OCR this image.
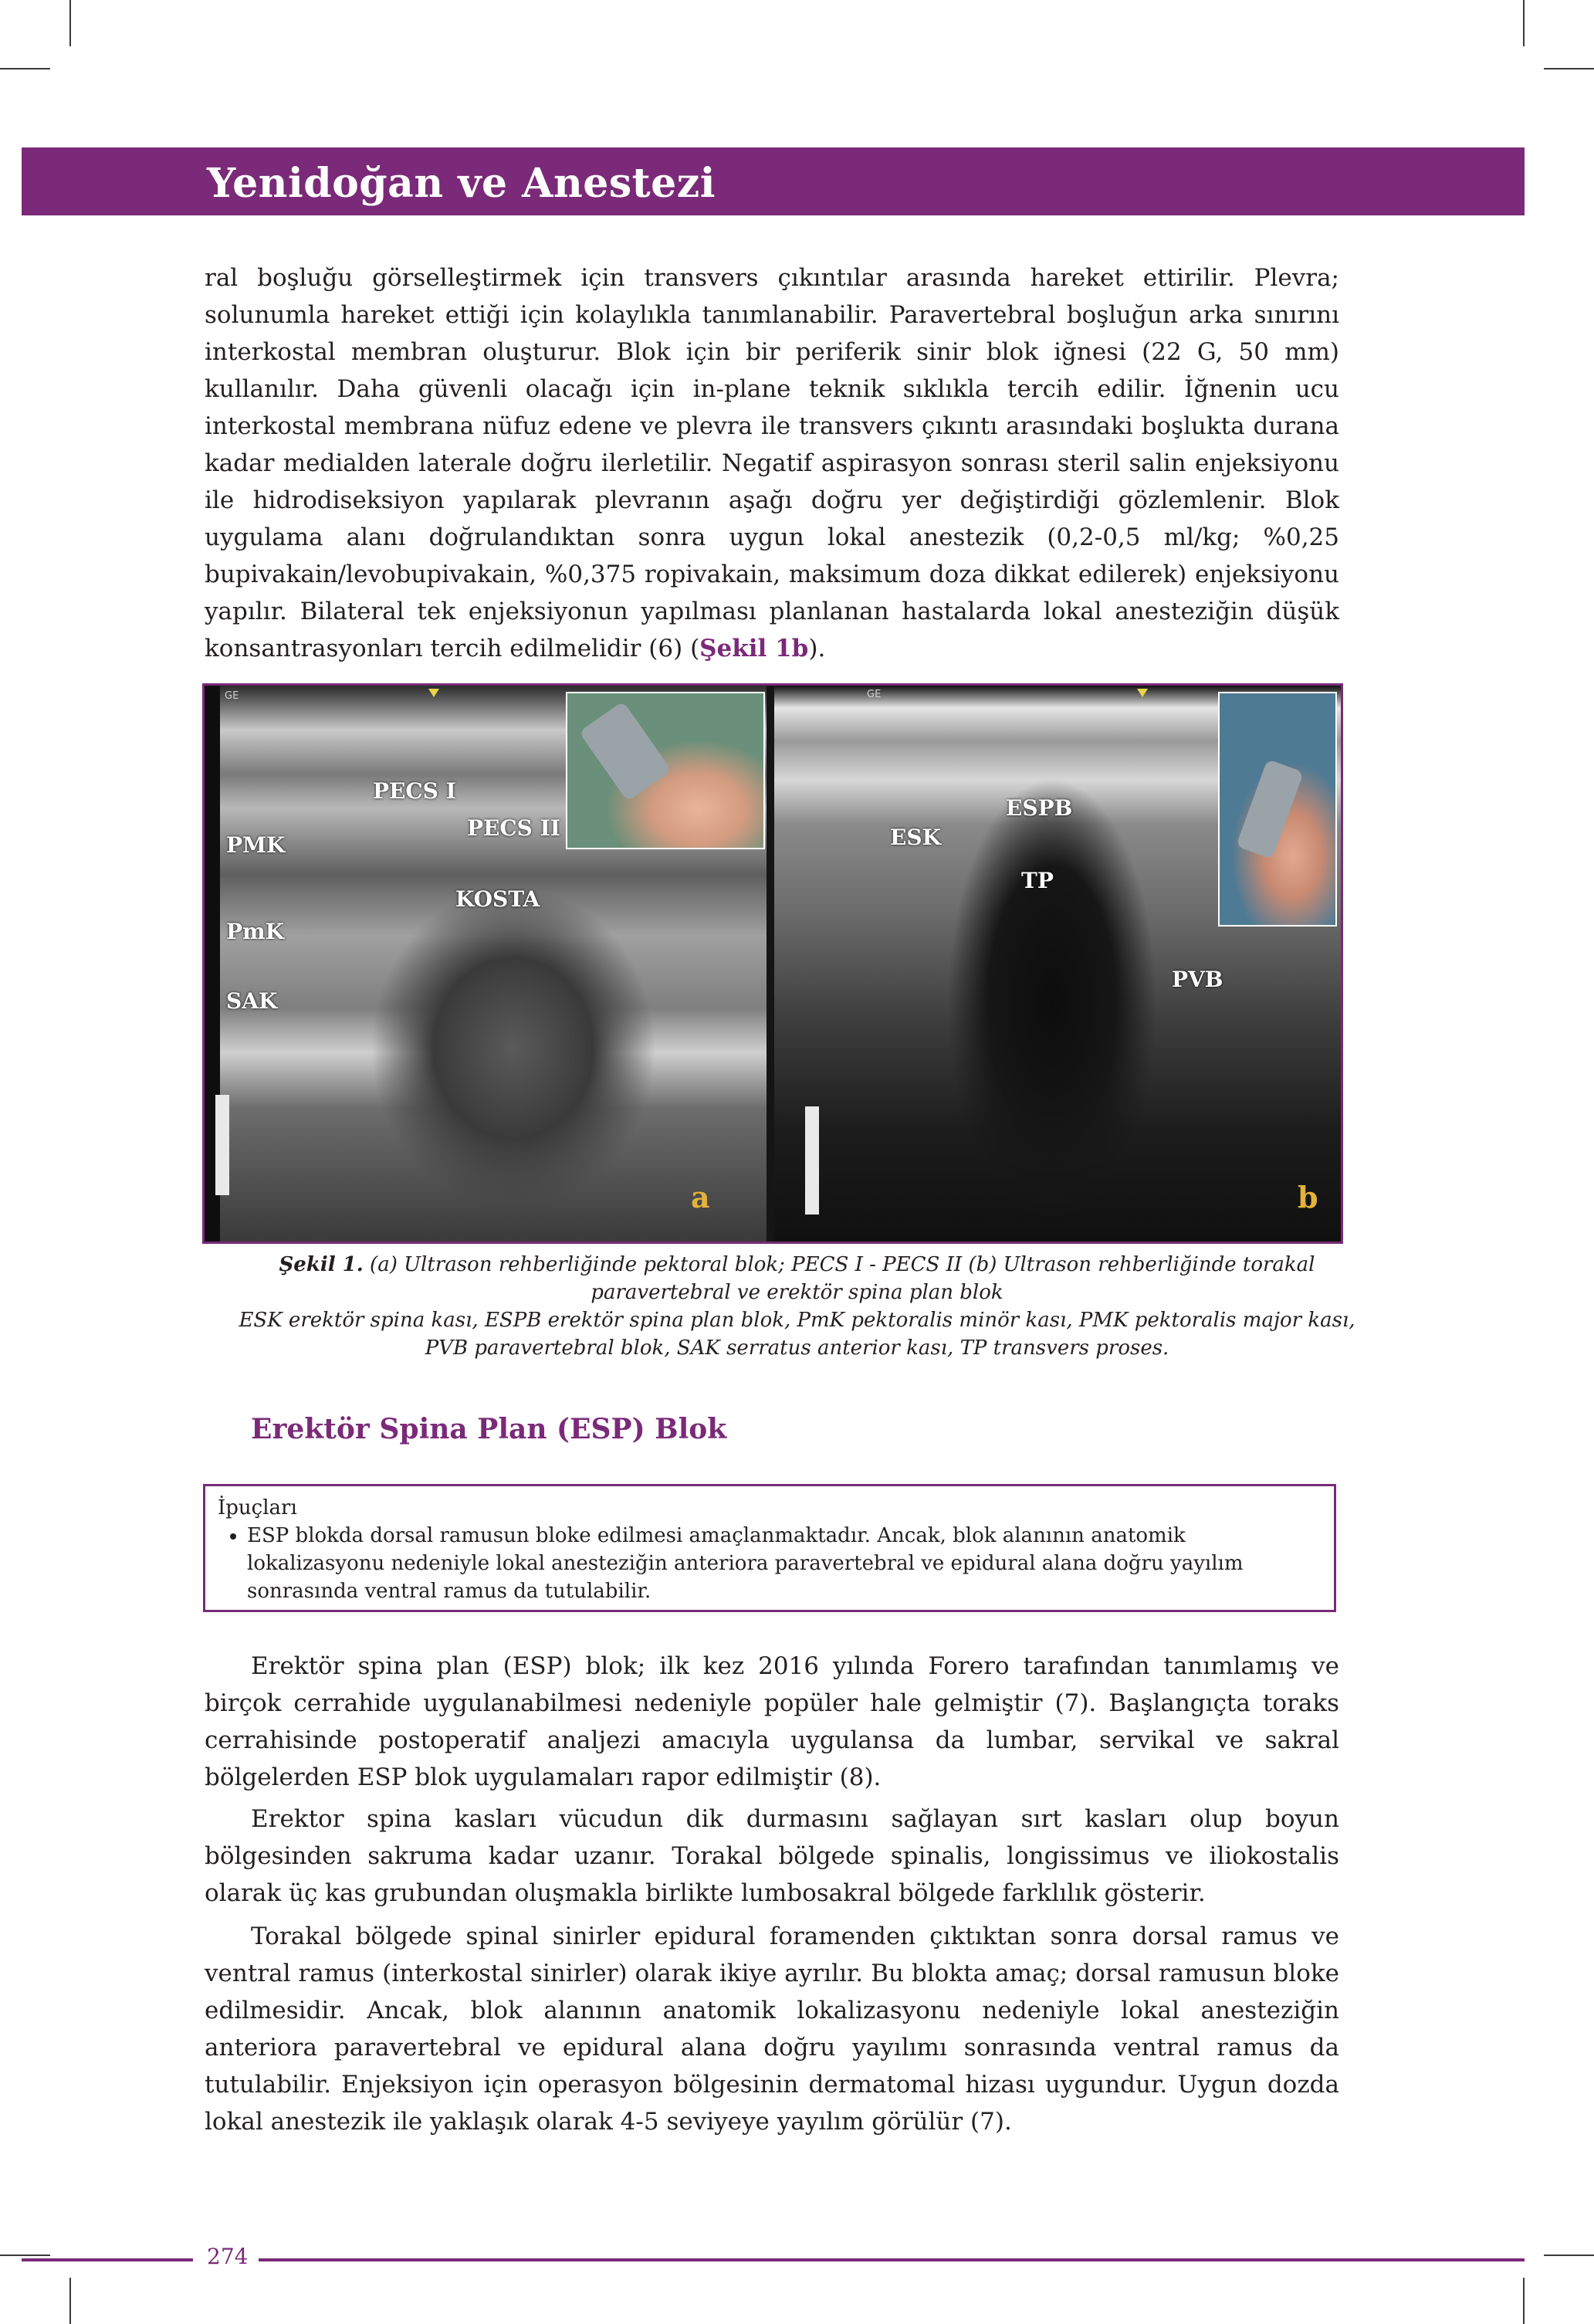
Yenidoğan ve Anestezi

ral boşluğu görselleştirmek için transvers çıkıntılar arasında hareket ettirilir. Plevra; solunumla hareket ettiği için kolaylıkla tanımlanabilir. Paravertebral boşluğun arka sınırını interkostal membran oluşturur. Blok için bir periferik sinir blok iğnesi (22 G, 50 mm) kullanılır. Daha güvenli olacağı için in-plane teknik sıklıkla tercih edilir. İğnenin ucu interkostal membrana nüfuz edene ve plevra ile transvers çıkıntı arasındaki boşlukta durana kadar medialden laterale doğru ilerletilir. Negatif aspirasyon sonrası steril salin enjeksiyonu ile hidrodiseksiyon yapılarak plevranın aşağı doğru yer değiştirdiği gözlemlenir. Blok uygulama alanı doğrulandıktan sonra uygun lokal anestezik (0,2-0,5 ml/kg; %0,25 bupivakain/levobupivakain, %0,375 ropivakain, maksimum doza dikkat edilerek) enjeksiyonu yapılır. Bilateral tek enjeksiyonun yapılması planlanan hastalarda lokal anesteziğin düşük konsantrasyonları tercih edilmelidir (6) (Şekil 1b).

GE
PECS I
PECS II
PMK
KOSTA
PmK
SAK
a
GE
ESPB
ESK
TP
PVB
b
Şekil 1. (a) Ultrason rehberliğinde pektoral blok; PECS I - PECS II (b) Ultrason rehberliğinde torakal
paravertebral ve erektör spina plan blok
ESK erektör spina kası, ESPB erektör spina plan blok, PmK pektoralis minör kası, PMK pektoralis major kası,
PVB paravertebral blok, SAK serratus anterior kası, TP transvers proses.
Erektör Spina Plan (ESP) Blok
İpuçları
• ESP blokda dorsal ramusun bloke edilmesi amaçlanmaktadır. Ancak, blok alanının anatomik lokalizasyonu nedeniyle lokal anesteziğin anteriora paravertebral ve epidural alana doğru yayılım sonrasında ventral ramus da tutulabilir.

Erektör spina plan (ESP) blok; ilk kez 2016 yılında Forero tarafından tanımlamış ve birçok cerrahide uygulanabilmesi nedeniyle popüler hale gelmiştir (7). Başlangıçta toraks cerrahisinde postoperatif analjezi amacıyla uygulansa da lumbar, servikal ve sakral bölgelerden ESP blok uygulamaları rapor edilmiştir (8).

Erektor spina kasları vücudun dik durmasını sağlayan sırt kasları olup boyun bölgesinden sakruma kadar uzanır. Torakal bölgede spinalis, longissimus ve iliokostalis olarak üç kas grubundan oluşmakla birlikte lumbosakral bölgede farklılık gösterir.

Torakal bölgede spinal sinirler epidural foramenden çıktıktan sonra dorsal ramus ve ventral ramus (interkostal sinirler) olarak ikiye ayrılır. Bu blokta amaç; dorsal ramusun bloke edilmesidir. Ancak, blok alanının anatomik lokalizasyonu nedeniyle lokal anesteziğin anteriora paravertebral ve epidural alana doğru yayılımı sonrasında ventral ramus da tutulabilir. Enjeksiyon için operasyon bölgesinin dermatomal hizası uygundur. Uygun dozda lokal anestezik ile yaklaşık olarak 4-5 seviyeye yayılım görülür (7).

274
